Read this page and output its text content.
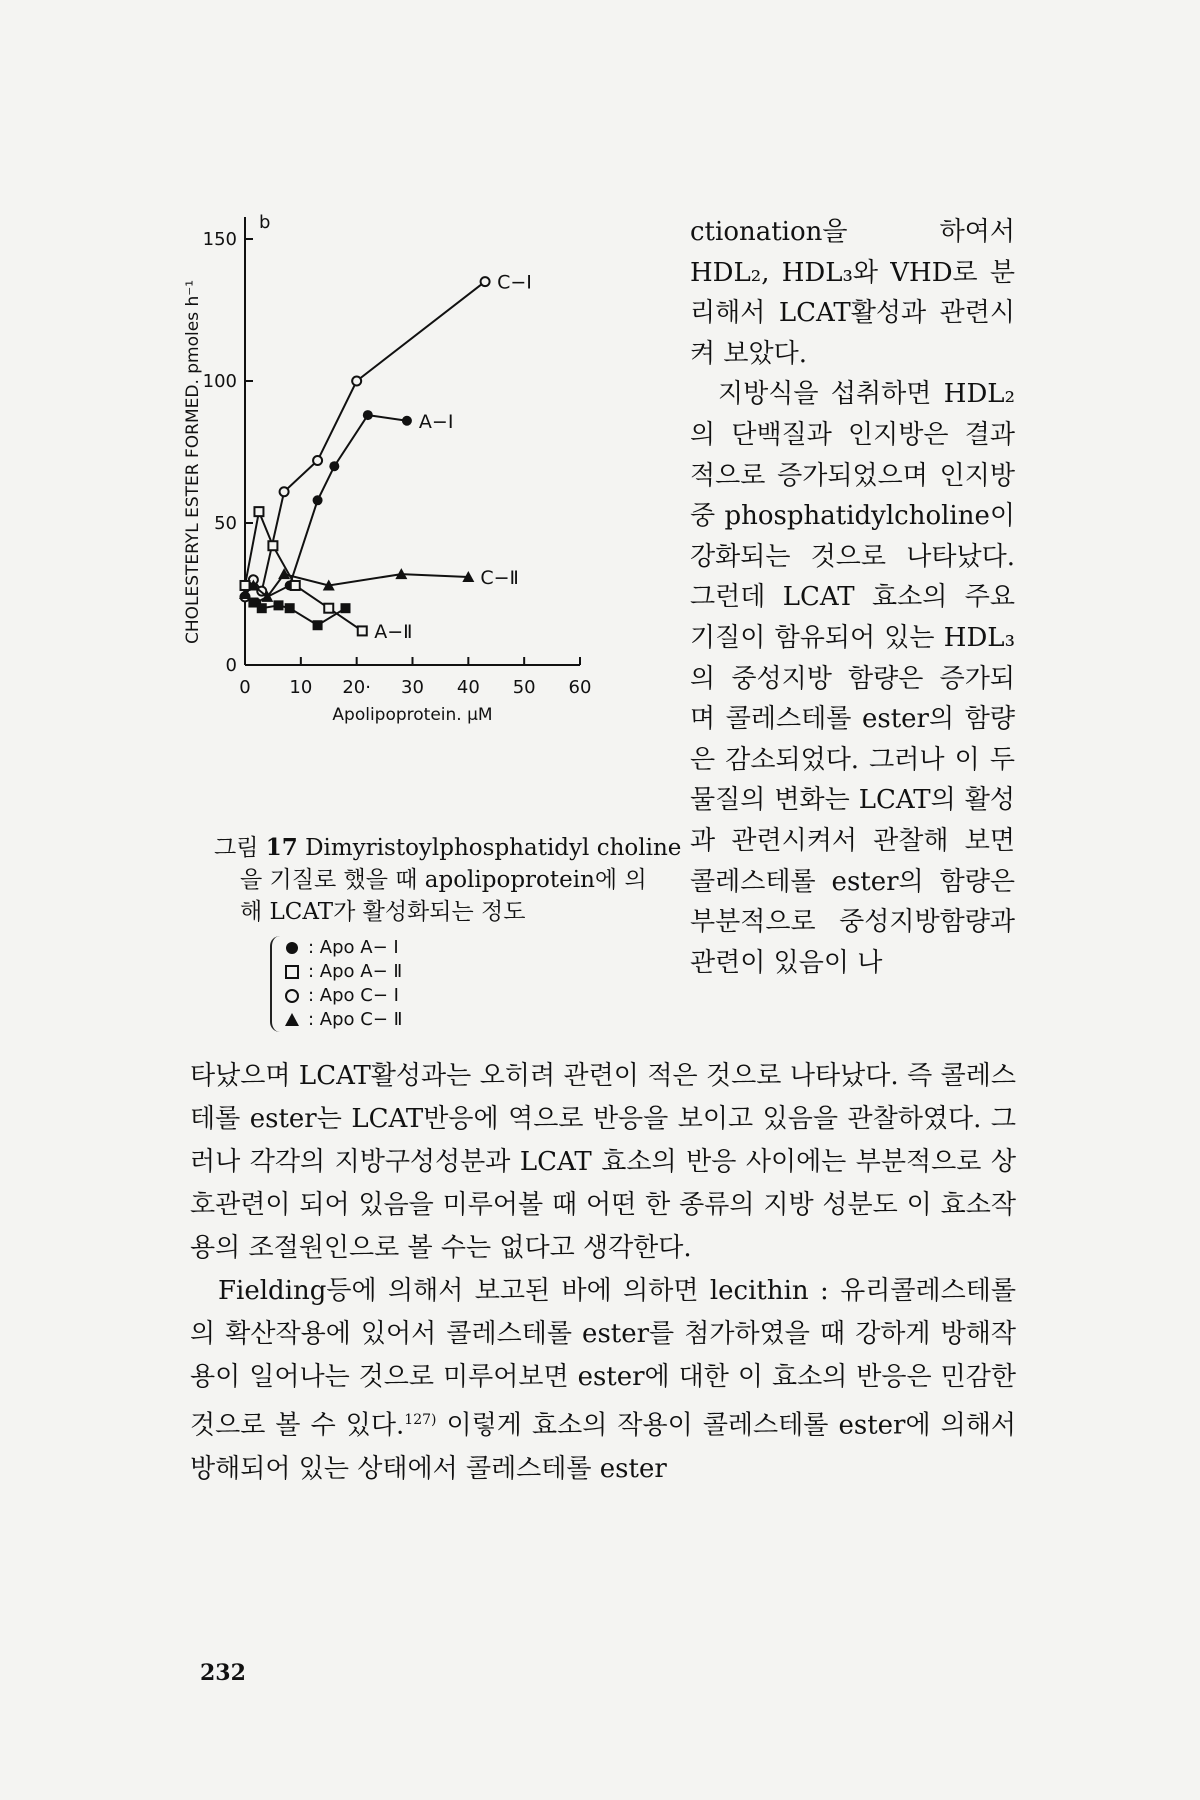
0 10 20· 30 40 50 60
0
50
100
150
b
Apolipoprotein. μM
CHOLESTERYL ESTER FORMED. pmoles h⁻¹	C−Ⅰ
A−Ⅰ
C−Ⅱ
A−Ⅱ
그림 17 Dimyristoylphosphatidyl choline
을 기질로 했을 때 apolipoprotein에 의
해 LCAT가 활성화되는 정도
: Apo A− Ⅰ
: Apo A− Ⅱ
: Apo C− Ⅰ
: Apo C− Ⅱ

ctionation을 하여서 HDL₂, HDL₃와 VHD로 분리해서 LCAT활성과 관련시켜 보았다.

지방식을 섭취하면 HDL₂의 단백질과 인지방은 결과적으로 증가되었으며 인지방 중 phosphatidylcholine이 강화되는 것으로 나타났다. 그런데 LCAT 효소의 주요 기질이 함유되어 있는 HDL₃의 중성지방 함량은 증가되며 콜레스테롤 ester의 함량은 감소되었다. 그러나 이 두 물질의 변화는 LCAT의 활성과 관련시켜서 관찰해 보면 콜레스테롤 ester의 함량은 부분적으로 중성지방함량과 관련이 있음이 나

타났으며 LCAT활성과는 오히려 관련이 적은 것으로 나타났다. 즉 콜레스테롤 ester는 LCAT반응에 역으로 반응을 보이고 있음을 관찰하였다. 그러나 각각의 지방구성성분과 LCAT 효소의 반응 사이에는 부분적으로 상호관련이 되어 있음을 미루어볼 때 어떤 한 종류의 지방 성분도 이 효소작용의 조절원인으로 볼 수는 없다고 생각한다.

Fielding등에 의해서 보고된 바에 의하면 lecithin : 유리콜레스테롤의 확산작용에 있어서 콜레스테롤 ester를 첨가하였을 때 강하게 방해작용이 일어나는 것으로 미루어보면 ester에 대한 이 효소의 반응은 민감한 것으로 볼 수 있다.$^{127)}$ 이렇게 효소의 작용이 콜레스테롤 ester에 의해서 방해되어 있는 상태에서 콜레스테롤 ester

232
